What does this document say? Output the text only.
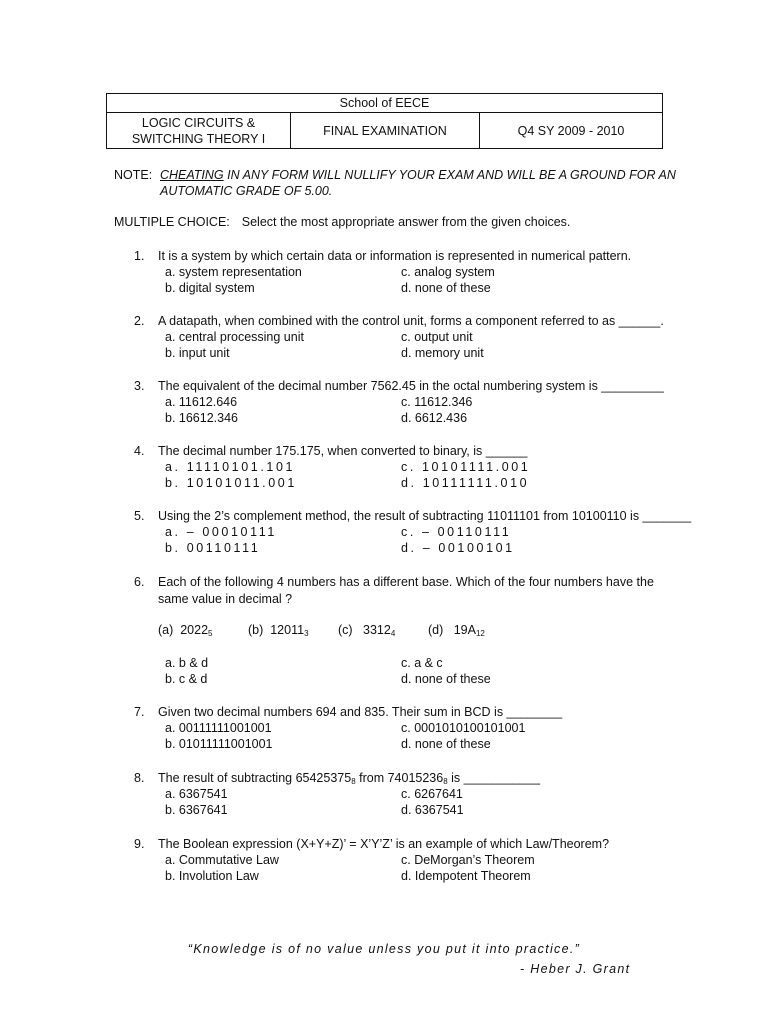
School of EECE

LOGIC CIRCUITS &
SWITCHING THEORY I
	FINAL EXAMINATION	Q4 SY 2009 - 2010
NOTE: CHEATING IN ANY FORM WILL NULLIFY YOUR EXAM AND WILL BE A GROUND FOR AN AUTOMATIC GRADE OF 5.00.
MULTIPLE CHOICE: Select the most appropriate answer from the given choices.
1.	It is a system by which certain data or information is represented in numerical pattern.
a. system representation	c. analog system
b. digital system	d. none of these
2.	A datapath, when combined with the control unit, forms a component referred to as ______.
a. central processing unit	c. output unit
b. input unit	d. memory unit
3.	The equivalent of the decimal number 7562.45 in the octal numbering system is _________
a. 11612.646	c. 11612.346
b. 16612.346	d. 6612.436
4.	The decimal number 175.175, when converted to binary, is ______
a. 11110101.101	c. 10101111.001
b. 10101011.001	d. 10111111.010
5.	Using the 2’s complement method, the result of subtracting 11011101 from 10100110 is _______
a. – 00010111	c. – 00110111
b. 00110111	d. – 00100101
6.	Each of the following 4 numbers has a different base. Which of the four numbers have the same value in decimal ?
(a) $2022_5$	(b) $12011_3$ (c) $3312_4$	(d) $19A_{12}$
a. b & d	c. a & c
b. c & d	d. none of these
7.	Given two decimal numbers 694 and 835. Their sum in BCD is ________
a. 00111111001001	c. 0001010100101001
b. 01011111001001	d. none of these
8.	The result of subtracting $65425375_8$ from $74015236_8$ is ___________
a. 6367541	c. 6267641
b. 6367641	d. 6367541
9.	The Boolean expression (X+Y+Z)’ = X’Y’Z’ is an example of which Law/Theorem?
a. Commutative Law	c. DeMorgan’s Theorem
b. Involution Law	d. Idempotent Theorem
“Knowledge is of no value unless you put it into practice.”
- Heber J. Grant
